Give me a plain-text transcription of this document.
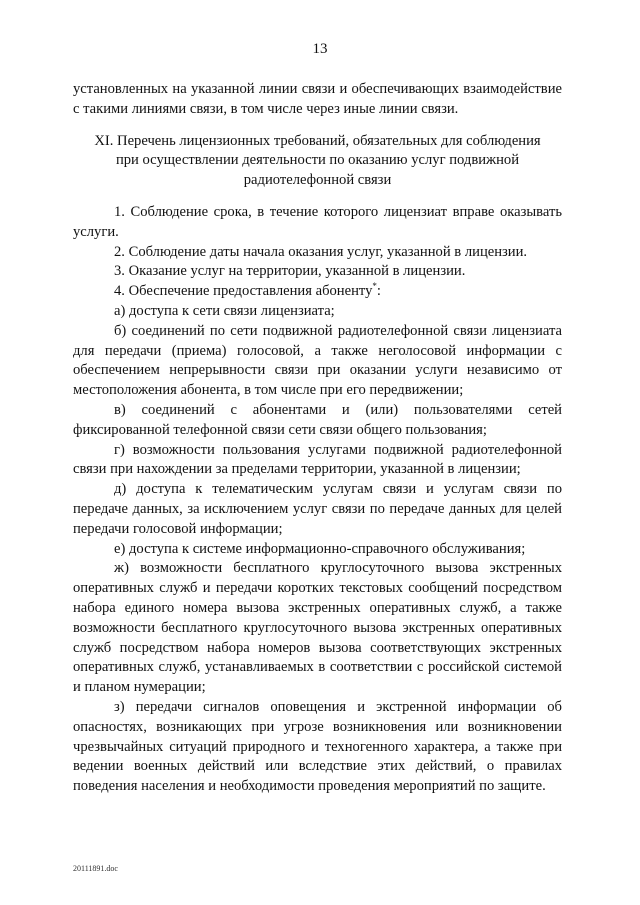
13

установленных на указанной линии связи и обеспечивающих взаимодействие с такими линиями связи, в том числе через иные линии связи.

XI. Перечень лицензионных требований, обязательных для соблюдения
при осуществлении деятельности по оказанию услуг подвижной
радиотелефонной связи

1. Соблюдение срока, в течение которого лицензиат вправе оказывать услуги.

2. Соблюдение даты начала оказания услуг, указанной в лицензии.

3. Оказание услуг на территории, указанной в лицензии.

4. Обеспечение предоставления абоненту*:

а) доступа к сети связи лицензиата;

б) соединений по сети подвижной радиотелефонной связи лицензиата для передачи (приема) голосовой, а также неголосовой информации с обеспечением непрерывности связи при оказании услуги независимо от местоположения абонента, в том числе при его передвижении;

в) соединений с абонентами и (или) пользователями сетей фиксированной телефонной связи сети связи общего пользования;

г) возможности пользования услугами подвижной радиотелефонной связи при нахождении за пределами территории, указанной в лицензии;

д) доступа к телематическим услугам связи и услугам связи по передаче данных, за исключением услуг связи по передаче данных для целей передачи голосовой информации;

е) доступа к системе информационно-справочного обслуживания;

ж) возможности бесплатного круглосуточного вызова экстренных оперативных служб и передачи коротких текстовых сообщений посредством набора единого номера вызова экстренных оперативных служб, а также возможности бесплатного круглосуточного вызова экстренных оперативных служб посредством набора номеров вызова соответствующих экстренных оперативных служб, устанавливаемых в соответствии с российской системой и планом нумерации;

з) передачи сигналов оповещения и экстренной информации об опасностях, возникающих при угрозе возникновения или возникновении чрезвычайных ситуаций природного и техногенного характера, а также при ведении военных действий или вследствие этих действий, о правилах поведения населения и необходимости проведения мероприятий по защите.

20111891.doc
